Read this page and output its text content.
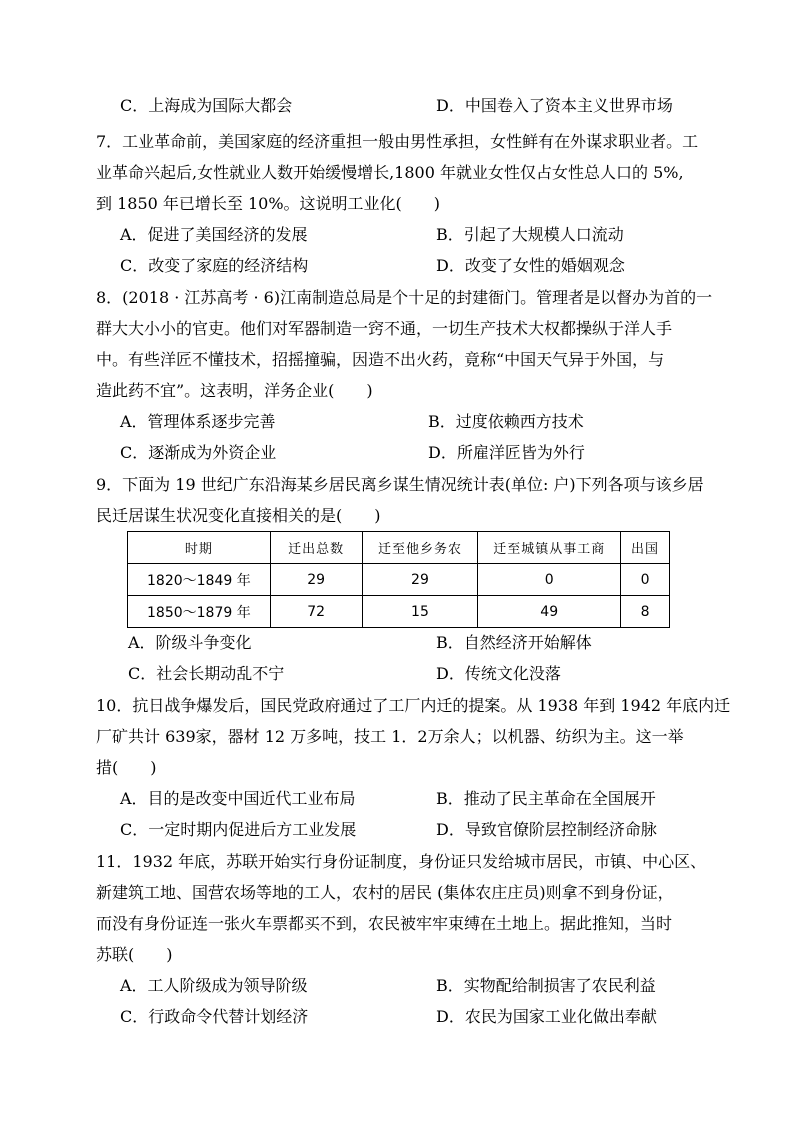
C．上海成为国际大都会	D．中国卷入了资本主义世界市场
7．工业革命前，美国家庭的经济重担一般由男性承担，女性鲜有在外谋求职业者。工
业革命兴起后,女性就业人数开始缓慢增长,1800 年就业女性仅占女性总人口的 5%,
到 1850 年已增长至 10%。这说明工业化(　　)
A．促进了美国经济的发展	B．引起了大规模人口流动
C．改变了家庭的经济结构	D．改变了女性的婚姻观念
8．(2018 · 江苏高考 · 6)江南制造总局是个十足的封建衙门。管理者是以督办为首的一
群大大小小的官吏。他们对军器制造一窍不通，一切生产技术大权都操纵于洋人手
中。有些洋匠不懂技术，招摇撞骗，因造不出火药，竟称“中国天气异于外国，与
造此药不宜”。这表明，洋务企业(　　)
A．管理体系逐步完善	B．过度依赖西方技术
C．逐渐成为外资企业	D．所雇洋匠皆为外行
9．下面为 19 世纪广东沿海某乡居民离乡谋生情况统计表(单位: 户)下列各项与该乡居
民迁居谋生状况变化直接相关的是(　　)
时期	迁出总数	迁至他乡务农	迁至城镇从事工商	出国
1820～1849 年	29	29	0	0
1850～1879 年	72	15	49	8
A．阶级斗争变化	B．自然经济开始解体
C．社会长期动乱不宁	D．传统文化没落
10．抗日战争爆发后，国民党政府通过了工厂内迁的提案。从 1938 年到 1942 年底内迁
厂矿共计 639家，器材 12 万多吨，技工 1．2万余人；以机器、纺织为主。这一举
措(　　)
A．目的是改变中国近代工业布局	B．推动了民主革命在全国展开
C．一定时期内促进后方工业发展	D．导致官僚阶层控制经济命脉
11．1932 年底，苏联开始实行身份证制度，身份证只发给城市居民，市镇、中心区、
新建筑工地、国营农场等地的工人，农村的居民 (集体农庄庄员)则拿不到身份证，
而没有身份证连一张火车票都买不到，农民被牢牢束缚在土地上。据此推知，当时
苏联(　　)
A．工人阶级成为领导阶级	B．实物配给制损害了农民利益
C．行政命令代替计划经济	D．农民为国家工业化做出奉献
